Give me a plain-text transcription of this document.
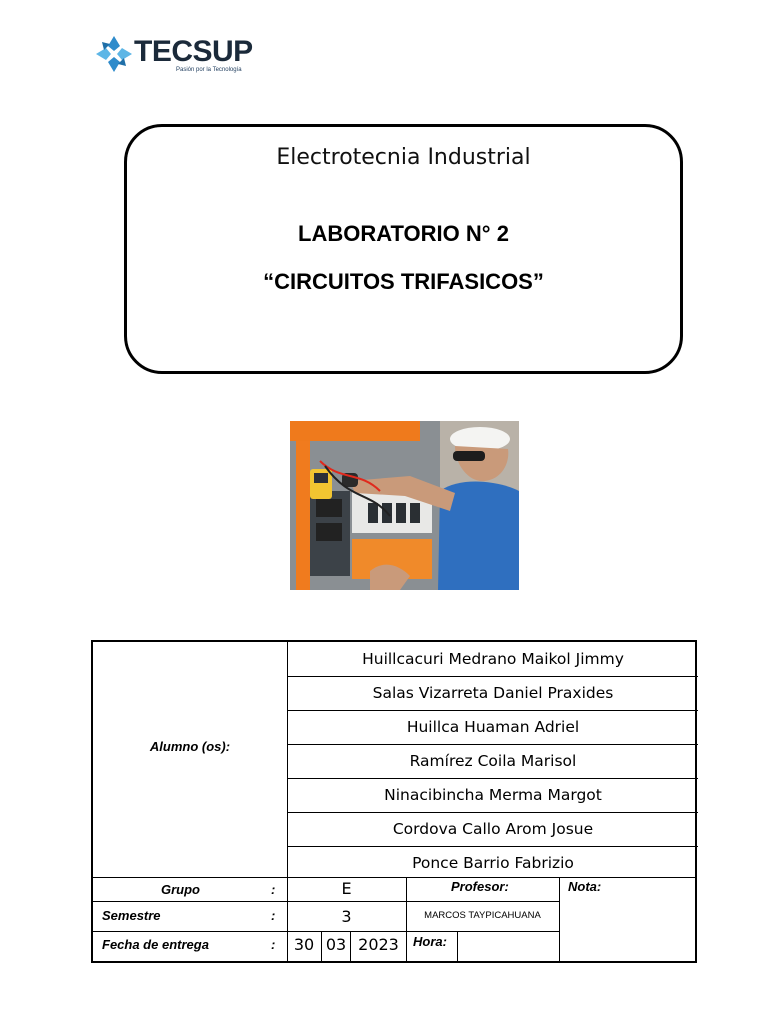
TECSUP
Pasión por la Tecnología
Electrotecnia Industrial
LABORATORIO N° 2
“CIRCUITOS TRIFASICOS”
Alumno (os):
Huillcacuri Medrano Maikol Jimmy
Salas Vizarreta Daniel Praxides
Huillca Huaman Adriel
Ramírez Coila Marisol
Ninacibincha Merma Margot
Cordova Callo Arom Josue
Ponce Barrio Fabrizio
Grupo	:	E	Profesor:	Nota:
Semestre	:	3	MARCOS TAYPICAHUANA
Fecha de entrega	:	30 03 2023	Hora:
